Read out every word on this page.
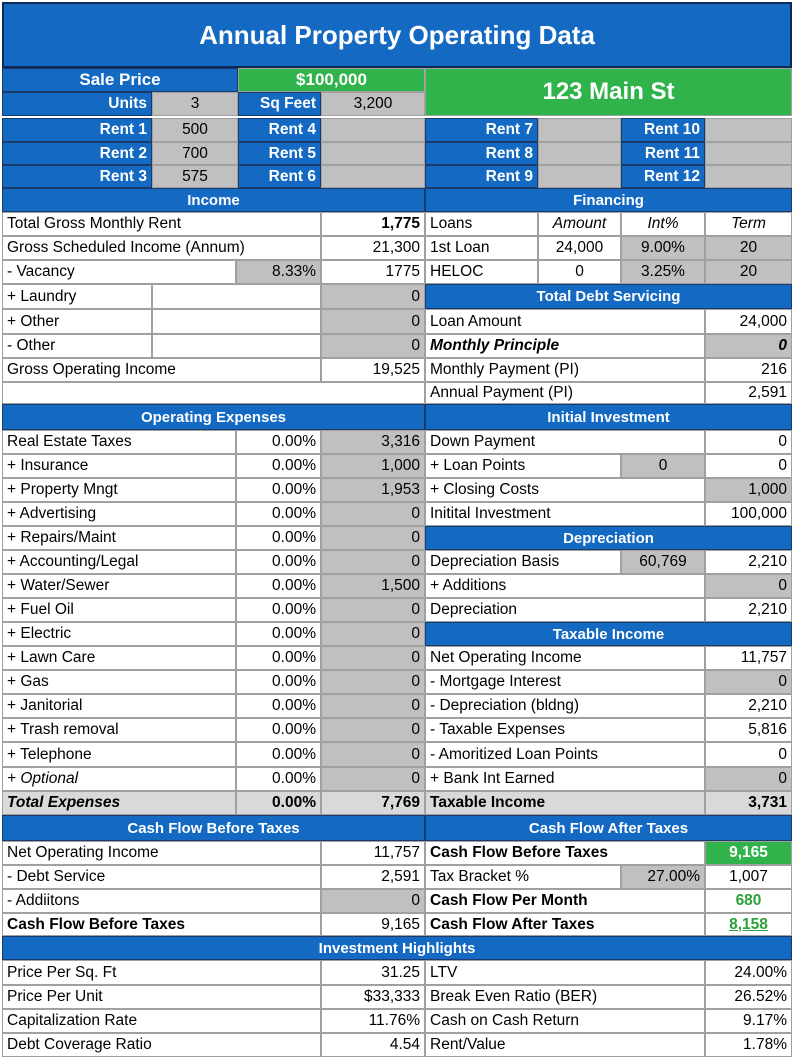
Annual Property Operating Data
Sale Price	$100,000	123 Main St
Units	3	Sq Feet	3,200
Rent 1	500	Rent 4	Rent 7	Rent 10
Rent 2	700	Rent 5	Rent 8	Rent 11
Rent 3	575	Rent 6	Rent 9	Rent 12
Income	Financing
Total Gross Monthly Rent	1,775
Gross Scheduled Income (Annum)	21,300
- Vacancy	8.33%	1775
+ Laundry	0
+ Other	0
- Other	0
Gross Operating Income	19,525
Loans	Amount	Int%	Term
1st Loan	24,000	9.00%	20
HELOC	0	3.25%	20
Total Debt Servicing
Loan Amount	24,000
Monthly Principle	0
Monthly Payment (PI)	216
Annual Payment (PI)	2,591
Operating Expenses	Initial Investment
Real Estate Taxes	0.00%	3,316
+ Insurance	0.00%	1,000
+ Property Mngt	0.00%	1,953
+ Advertising	0.00%	0
+ Repairs/Maint	0.00%	0
+ Accounting/Legal	0.00%	0
+ Water/Sewer	0.00%	1,500
+ Fuel Oil	0.00%	0
+ Electric	0.00%	0
+ Lawn Care	0.00%	0
+ Gas	0.00%	0
+ Janitorial	0.00%	0
+ Trash removal	0.00%	0
+ Telephone	0.00%	0
+ Optional	0.00%	0
Total Expenses	0.00%	7,769
Down Payment	0
+ Loan Points	0	0
+ Closing Costs	1,000
Initital Investment	100,000
Depreciation
Depreciation Basis	60,769	2,210
+ Additions	0
Depreciation	2,210
Taxable Income
Net Operating Income	11,757
- Mortgage Interest	0
- Depreciation (bldng)	2,210
- Taxable Expenses	5,816
- Amoritized Loan Points	0
+ Bank Int Earned	0
Taxable Income	3,731
Cash Flow Before Taxes
Net Operating Income	11,757
- Debt Service	2,591
- Addiitons	0
Cash Flow Before Taxes	9,165
Cash Flow After Taxes
Cash Flow Before Taxes	9,165
Tax Bracket %	27.00%	1,007
Cash Flow Per Month	680
Cash Flow After Taxes	8,158
Investment Highlights
Price Per Sq. Ft	31.25 LTV	24.00%
Price Per Unit	$33,333 Break Even Ratio (BER)	26.52%
Capitalization Rate	11.76% Cash on Cash Return	9.17%
Debt Coverage Ratio	4.54 Rent/Value	1.78%
